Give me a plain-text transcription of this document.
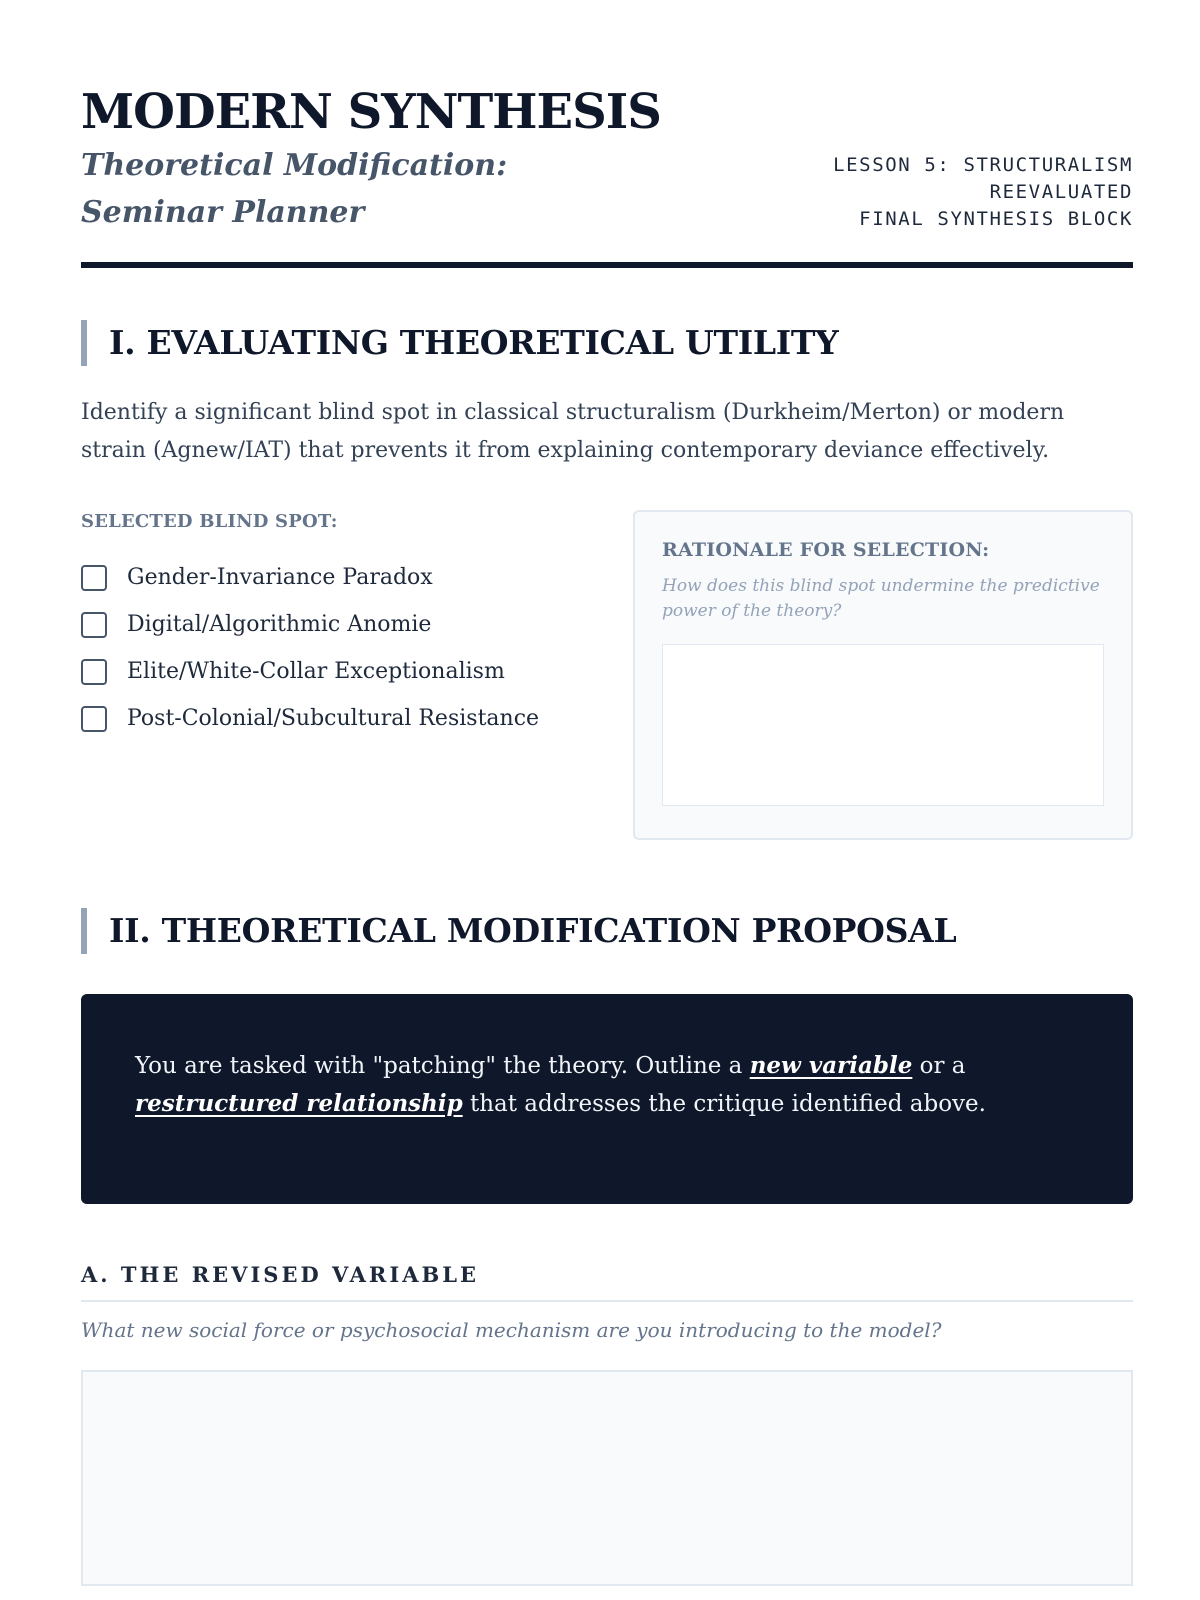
MODERN SYNTHESIS
Theoretical Modification: Seminar Planner
LESSON 5: STRUCTURALISM
REEVALUATED
FINAL SYNTHESIS BLOCK
I. EVALUATING THEORETICAL UTILITY

Identify a significant blind spot in classical structuralism (Durkheim/Merton) or modern strain (Agnew/IAT) that prevents it from explaining contemporary deviance effectively.

SELECTED BLIND SPOT:
Gender-Invariance Paradox
Digital/Algorithmic Anomie
Elite/White-Collar Exceptionalism
Post-Colonial/Subcultural Resistance
RATIONALE FOR SELECTION:
How does this blind spot undermine the predictive power of the theory?
II. THEORETICAL MODIFICATION PROPOSAL
You are tasked with "patching" the theory. Outline a new variable or a restructured relationship that addresses the critique identified above.
A. THE REVISED VARIABLE
What new social force or psychosocial mechanism are you introducing to the model?
